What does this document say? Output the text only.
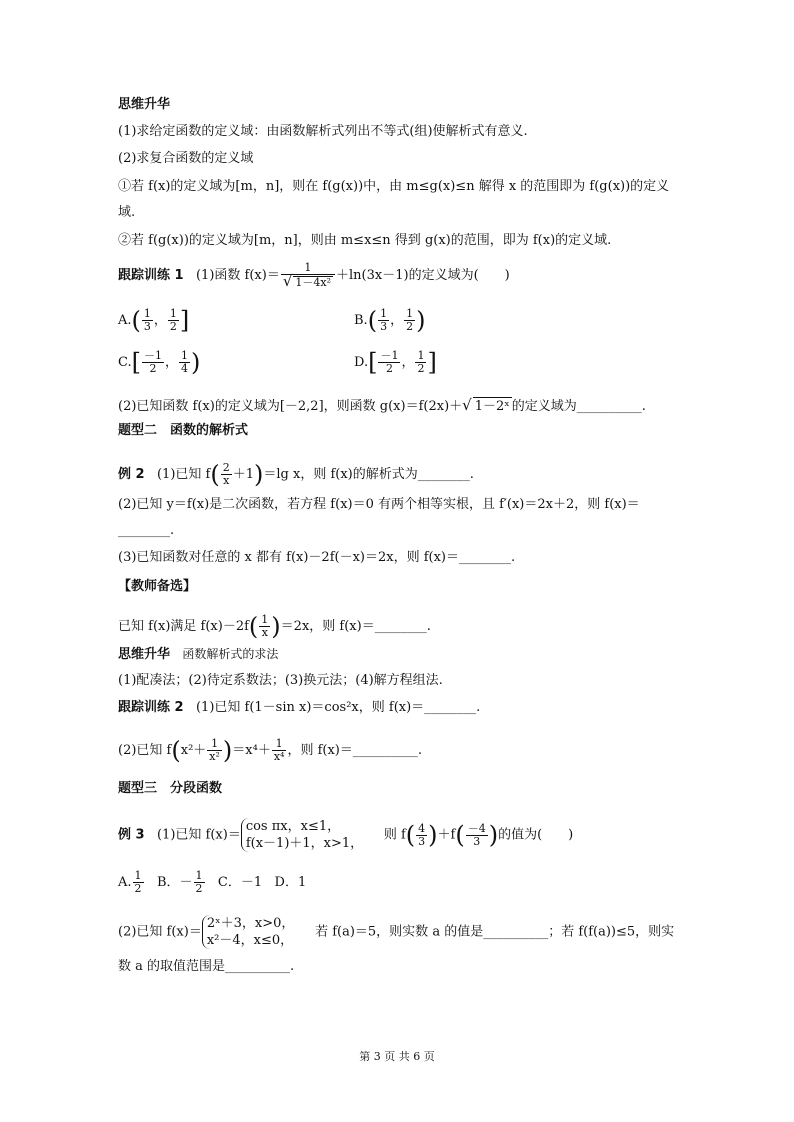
思维升华
(1)求给定函数的定义域：由函数解析式列出不等式(组)使解析式有意义.
(2)求复合函数的定义域
①若 f(x)的定义域为[m，n]，则在 f(g(x))中，由 m≤g(x)≤n 解得 x 的范围即为 f(g(x))的定义
域.
②若 f(g(x))的定义域为[m，n]，则由 m≤x≤n 得到 g(x)的范围，即为 f(x)的定义域.
跟踪训练 1 (1)函数 $f(x)= \frac{1}{\text{√ 1－4x²}} +\ln(3x-1)$的定义域为(　　)
$A.( \frac{1}{3}$ ， $\frac{1}{2}$ ]	$B.( \frac{1}{3}$ ， $\frac{1}{2}$ )
$C.[ \frac{-1}{2}$ ， $\frac{1}{4}$ )	$D.[ \frac{-1}{2}$ ， $\frac{1}{2}$ ]
(2)已知函数 f(x)的定义域为[－2,2]，则函数 g(x)＝f(2x)＋√ 1－2ˣ 的定义域为__________.
题型二　函数的解析式
例 2 (1)已知 $f( \frac{2}{x} +1)=\lg$ x，则 f(x)的解析式为________.
(2)已知 y＝f(x)是二次函数，若方程 f(x)＝0 有两个相等实根，且 f′(x)＝2x＋2，则 f(x)＝
________.
(3)已知函数对任意的 x 都有 f(x)－2f(－x)＝2x，则 f(x)＝________.
【教师备选】
已知 f(x)满足 $f(x)-2f( \frac{1}{x} )=2x$，则 f(x)＝________.
思维升华 函数解析式的求法
(1)配凑法；(2)待定系数法；(3)换元法；(4)解方程组法.
跟踪训练 2 (1)已知 f(1－sin x)＝cos²x，则 f(x)＝________.
(2)已知 $f(x^2+ \frac{1}{\text{x²}} )=x^4+ \frac{1}{\text{x⁴}}$ ，则 f(x)＝__________.
题型三　分段函数
例 3 (1)已知 f(x)＝
cos πx，x≤1，
f(x－1)＋1，x>1，
则 $f( \frac{4}{3} )+f( \frac{-4}{3}$ )的值为(　　)
A. $\frac{1}{2}$ B．－ $\frac{1}{2}$ C．－1 D．1
(2)已知 f(x)＝
2ˣ＋3，x>0，
x²－4，x≤0，
若 f(a)＝5，则实数 a 的值是__________；若 f(f(a))≤5，则实
数 a 的取值范围是__________.
第 3 页 共 6 页
